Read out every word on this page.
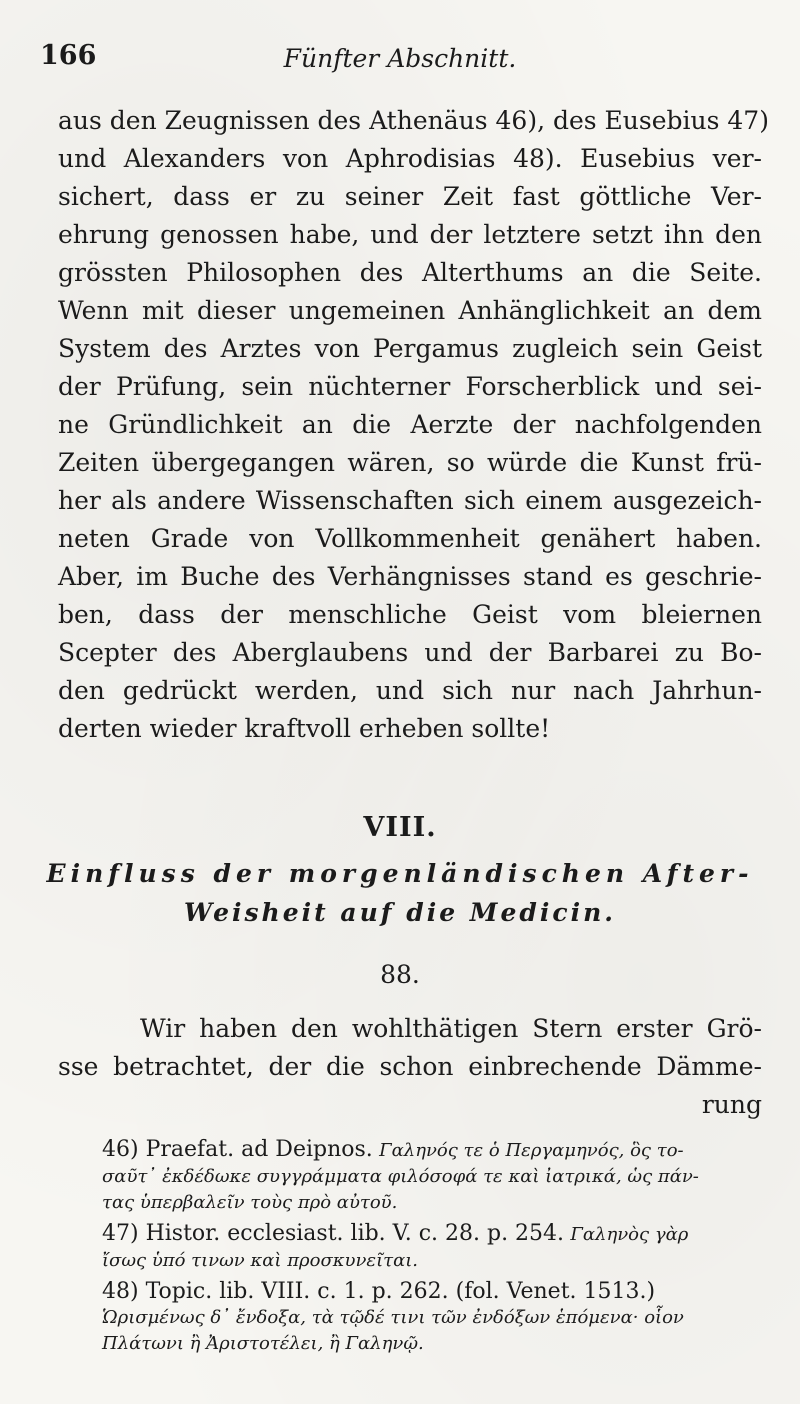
166	Fünfter Abschnitt.
aus den Zeugnissen des Athenäus 46), des Eusebius 47)
und Alexanders von Aphrodisias 48). Eusebius ver-
sichert, dass er zu seiner Zeit fast göttliche Ver-
ehrung genossen habe, und der letztere setzt ihn den
grössten Philosophen des Alterthums an die Seite.
Wenn mit dieser ungemeinen Anhänglichkeit an dem
System des Arztes von Pergamus zugleich sein Geist
der Prüfung, sein nüchterner Forscherblick und sei-
ne Gründlichkeit an die Aerzte der nachfolgenden
Zeiten übergegangen wären, so würde die Kunst frü-
her als andere Wissenschaften sich einem ausgezeich-
neten Grade von Vollkommenheit genähert haben.
Aber, im Buche des Verhängnisses stand es geschrie-
ben, dass der menschliche Geist vom bleiernen
Scepter des Aberglaubens und der Barbarei zu Bo-
den gedrückt werden, und sich nur nach Jahrhun-
derten wieder kraftvoll erheben sollte!
VIII.
Einfluss der morgenländischen After-
Weisheit auf die Medicin.
88.
Wir haben den wohlthätigen Stern erster Grö-
sse betrachtet, der die schon einbrechende Dämme-
rung
46) Praefat. ad Deipnos. Γαληνός τε ὁ Περγαμηνός, ὃς το-
σαῦτ᾽ ἐκδέδωκε συγγράμματα φιλόσοφά τε καὶ ἰατρικά, ὡς πάν-
τας ὑπερβαλεῖν τοὺς πρὸ αὐτοῦ.
47) Histor. ecclesiast. lib. V. c. 28. p. 254. Γαληνὸς γὰρ
ἴσως ὑπό τινων καὶ προσκυνεῖται.
48) Topic. lib. VIII. c. 1. p. 262. (fol. Venet. 1513.)
Ὡρισμένως δ᾽ ἔνδοξα, τὰ τῷδέ τινι τῶν ἐνδόξων ἑπόμενα· οἷον
Πλάτωνι ἢ Ἀριστοτέλει, ἢ Γαληνῷ.
